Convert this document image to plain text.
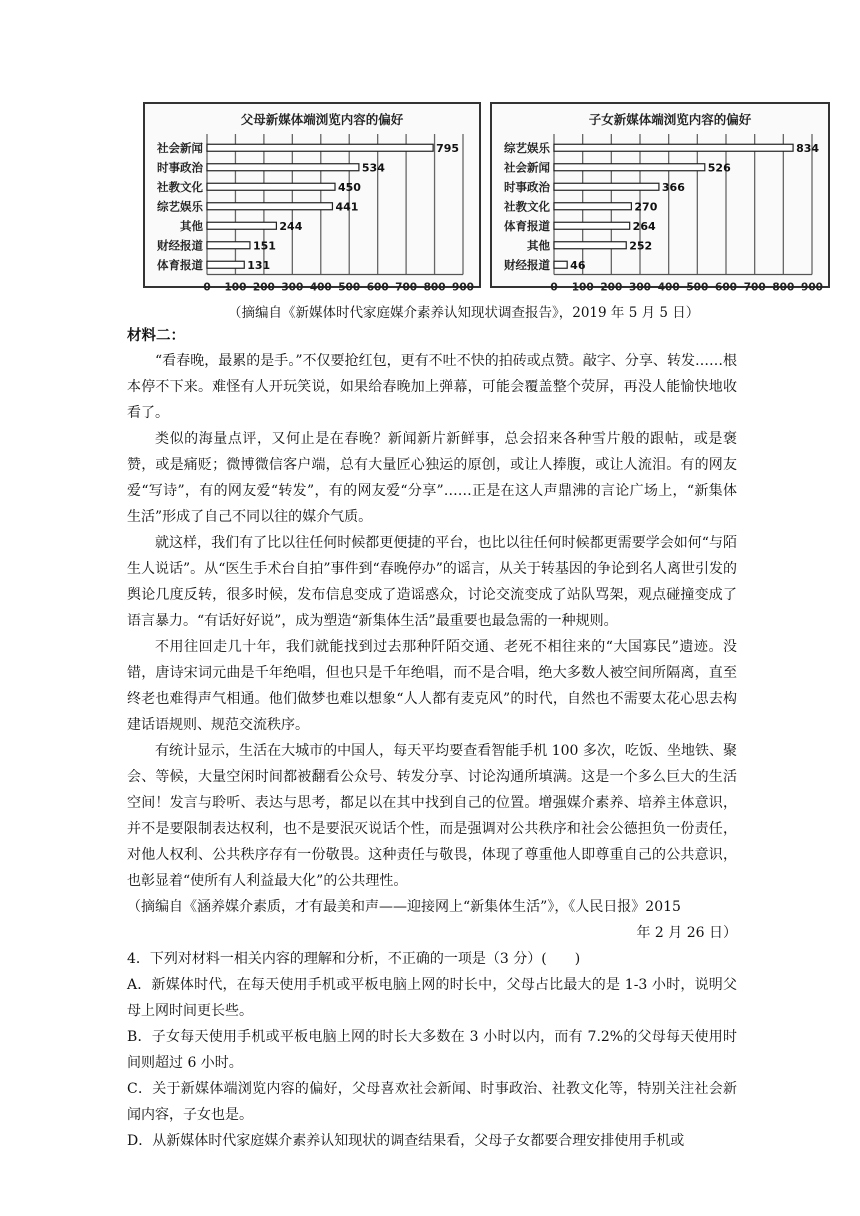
父母新媒体端浏览内容的偏好
0 100 200 300 400 500 600 700 800 900
社会新闻	795
时事政治	534
社教文化	450
综艺娱乐	441
其他	244
财经报道	151
体育报道	131
子女新媒体端浏览内容的偏好
0 100 200 300 400 500 600 700 800 900
综艺娱乐	834
社会新闻	526
时事政治	366
社教文化	270
体育报道	264
其他	252
财经报道 46
（摘编自《新媒体时代家庭媒介素养认知现状调查报告》，2019 年 5 月 5 日）
材料二：

“看春晚，最累的是手。”不仅要抢红包，更有不吐不快的拍砖或点赞。敲字、分享、转发……根本停不下来。难怪有人开玩笑说，如果给春晚加上弹幕，可能会覆盖整个荧屏，再没人能愉快地收看了。

类似的海量点评，又何止是在春晚？新闻新片新鲜事，总会招来各种雪片般的跟帖，或是褒赞，或是痛贬；微博微信客户端，总有大量匠心独运的原创，或让人捧腹，或让人流泪。有的网友爱“写诗”，有的网友爱“转发”，有的网友爱“分享”……正是在这人声鼎沸的言论广场上，“新集体生活”形成了自己不同以往的媒介气质。

就这样，我们有了比以往任何时候都更便捷的平台，也比以往任何时候都更需要学会如何“与陌生人说话”。从“医生手术台自拍”事件到“春晚停办”的谣言，从关于转基因的争论到名人离世引发的舆论几度反转，很多时候，发布信息变成了造谣惑众，讨论交流变成了站队骂架，观点碰撞变成了语言暴力。“有话好好说”，成为塑造“新集体生活”最重要也最急需的一种规则。

不用往回走几十年，我们就能找到过去那种阡陌交通、老死不相往来的“大国寡民”遗迹。没错，唐诗宋词元曲是千年绝唱，但也只是千年绝唱，而不是合唱，绝大多数人被空间所隔离，直至终老也难得声气相通。他们做梦也难以想象“人人都有麦克风”的时代，自然也不需要太花心思去构建话语规则、规范交流秩序。

有统计显示，生活在大城市的中国人，每天平均要查看智能手机 100 多次，吃饭、坐地铁、聚会、等候，大量空闲时间都被翻看公众号、转发分享、讨论沟通所填满。这是一个多么巨大的生活空间！发言与聆听、表达与思考，都足以在其中找到自己的位置。增强媒介素养、培养主体意识，并不是要限制表达权利，也不是要泯灭说话个性，而是强调对公共秩序和社会公德担负一份责任，对他人权利、公共秩序存有一份敬畏。这种责任与敬畏，体现了尊重他人即尊重自己的公共意识，也彰显着“使所有人利益最大化”的公共理性。

（摘编自《涵养媒介素质，才有最美和声——迎接网上“新集体生活”》，《人民日报》2015

年 2 月 26 日）

4．下列对材料一相关内容的理解和分析，不正确的一项是（3 分）(　　)

A．新媒体时代，在每天使用手机或平板电脑上网的时长中，父母占比最大的是 1-3 小时，说明父母上网时间更长些。

B．子女每天使用手机或平板电脑上网的时长大多数在 3 小时以内，而有 7.2%的父母每天使用时间则超过 6 小时。

C．关于新媒体端浏览内容的偏好，父母喜欢社会新闻、时事政治、社教文化等，特别关注社会新闻内容，子女也是。

D．从新媒体时代家庭媒介素养认知现状的调查结果看，父母子女都要合理安排使用手机或
